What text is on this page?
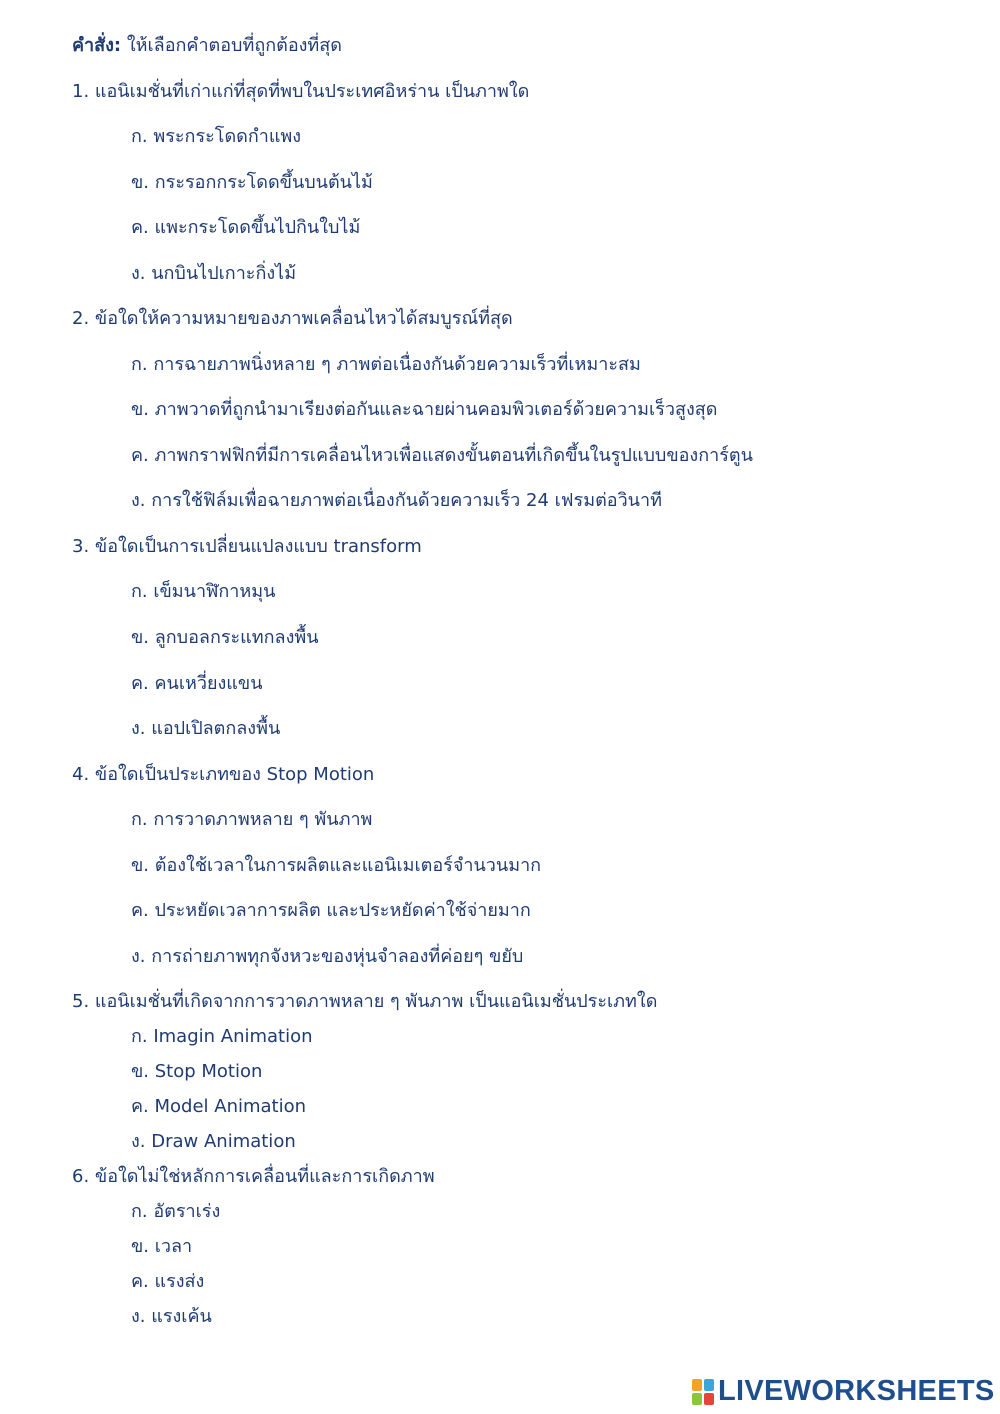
คำสั่ง: ให้เลือกคำตอบที่ถูกต้องที่สุด
1. แอนิเมชั่นที่เก่าแก่ที่สุดที่พบในประเทศอิหร่าน เป็นภาพใด
ก. พระกระโดดกำแพง
ข. กระรอกกระโดดขึ้นบนต้นไม้
ค. แพะกระโดดขึ้นไปกินใบไม้
ง. นกบินไปเกาะกิ่งไม้
2. ข้อใดให้ความหมายของภาพเคลื่อนไหวได้สมบูรณ์ที่สุด
ก. การฉายภาพนิ่งหลาย ๆ ภาพต่อเนื่องกันด้วยความเร็วที่เหมาะสม
ข. ภาพวาดที่ถูกนำมาเรียงต่อกันและฉายผ่านคอมพิวเตอร์ด้วยความเร็วสูงสุด
ค. ภาพกราฟฟิกที่มีการเคลื่อนไหวเพื่อแสดงขั้นตอนที่เกิดขึ้นในรูปแบบของการ์ตูน
ง. การใช้ฟิล์มเพื่อฉายภาพต่อเนื่องกันด้วยความเร็ว 24 เฟรมต่อวินาที
3. ข้อใดเป็นการเปลี่ยนแปลงแบบ transform
ก. เข็มนาฬิกาหมุน
ข. ลูกบอลกระแทกลงพื้น
ค. คนเหวี่ยงแขน
ง. แอปเปิลตกลงพื้น
4. ข้อใดเป็นประเภทของ Stop Motion
ก. การวาดภาพหลาย ๆ พันภาพ
ข. ต้องใช้เวลาในการผลิตและแอนิเมเตอร์จำนวนมาก
ค. ประหยัดเวลาการผลิต และประหยัดค่าใช้จ่ายมาก
ง. การถ่ายภาพทุกจังหวะของหุ่นจำลองที่ค่อยๆ ขยับ
5. แอนิเมชั่นที่เกิดจากการวาดภาพหลาย ๆ พันภาพ เป็นแอนิเมชั่นประเภทใด
ก. Imagin Animation
ข. Stop Motion
ค. Model Animation
ง. Draw Animation
6. ข้อใดไม่ใช่หลักการเคลื่อนที่และการเกิดภาพ
ก. อัตราเร่ง
ข. เวลา
ค. แรงส่ง
ง. แรงเค้น
LIVEWORKSHEETS
